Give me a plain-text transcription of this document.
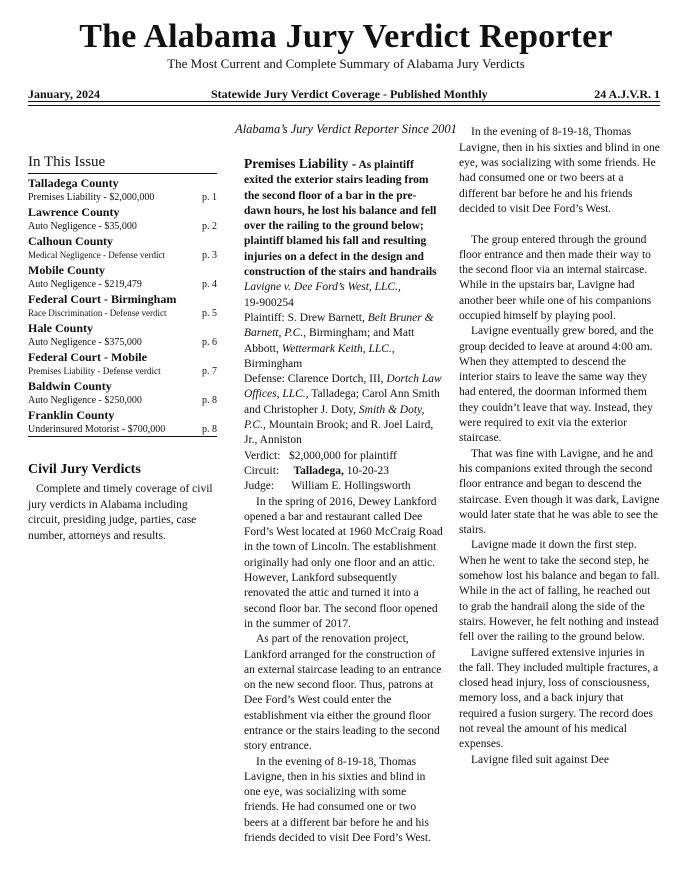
The Alabama Jury Verdict Reporter
The Most Current and Complete Summary of Alabama Jury Verdicts
January, 2024	Statewide Jury Verdict Coverage - Published Monthly	24 A.J.V.R. 1
Alabama’s Jury Verdict Reporter Since 2001
In This Issue
Talladega County
Premises Liability - $2,000,000	p. 1
Lawrence County
Auto Negligence - $35,000	p. 2
Calhoun County
Medical Negligence - Defense verdict	p. 3
Mobile County
Auto Negligence - $219,479	p. 4
Federal Court - Birmingham
Race Discrimination - Defense verdict	p. 5
Hale County
Auto Negligence - $375,000	p. 6
Federal Court - Mobile
Premises Liability - Defense verdict	p. 7
Baldwin County
Auto Negligence - $250,000	p. 8
Franklin County
Underinsured Motorist - $700,000	p. 8
Civil Jury Verdicts
Complete and timely coverage of civil jury verdicts in Alabama including circuit, presiding judge, parties, case number, attorneys and results.
Premises Liability - As plaintiff exited the exterior stairs leading from the second floor of a bar in the pre-dawn hours, he lost his balance and fell over the railing to the ground below; plaintiff blamed his fall and resulting injuries on a defect in the design and construction of the stairs and handrails
Lavigne v. Dee Ford’s West, LLC.,
19-900254
Plaintiff: S. Drew Barnett, Belt Bruner & Barnett, P.C., Birmingham; and Matt Abbott, Wettermark Keith, LLC., Birmingham
Defense: Clarence Dortch, III, Dortch Law Offices, LLC., Talladega; Carol Ann Smith and Christopher J. Doty, Smith & Doty, P.C., Mountain Brook; and R. Joel Laird, Jr., Anniston
Verdict: $2,000,000 for plaintiff
Circuit: Talladega, 10-20-23
Judge: William E. Hollingsworth

In the spring of 2016, Dewey Lankford opened a bar and restaurant called Dee Ford’s West located at 1960 McCraig Road in the town of Lincoln. The establishment originally had only one floor and an attic. However, Lankford subsequently renovated the attic and turned it into a second floor bar. The second floor opened in the summer of 2017.

As part of the renovation project, Lankford arranged for the construction of an external staircase leading to an entrance on the new second floor. Thus, patrons at Dee Ford’s West could enter the establishment via either the ground floor entrance or the stairs leading to the second story entrance.

In the evening of 8-19-18, Thomas Lavigne, then in his sixties and blind in one eye, was socializing with some friends. He had consumed one or two beers at a different bar before he and his friends decided to visit Dee Ford’s West.

In the evening of 8-19-18, Thomas Lavigne, then in his sixties and blind in one eye, was socializing with some friends. He had consumed one or two beers at a different bar before he and his friends decided to visit Dee Ford’s West.

The group entered through the ground floor entrance and then made their way to the second floor via an internal staircase. While in the upstairs bar, Lavigne had another beer while one of his companions occupied himself by playing pool.

Lavigne eventually grew bored, and the group decided to leave at around 4:00 am. When they attempted to descend the interior stairs to leave the same way they had entered, the doorman informed them they couldn’t leave that way. Instead, they were required to exit via the exterior staircase.

That was fine with Lavigne, and he and his companions exited through the second floor entrance and began to descend the staircase. Even though it was dark, Lavigne would later state that he was able to see the stairs.

Lavigne made it down the first step. When he went to take the second step, he somehow lost his balance and began to fall. While in the act of falling, he reached out to grab the handrail along the side of the stairs. However, he felt nothing and instead fell over the railing to the ground below.

Lavigne suffered extensive injuries in the fall. They included multiple fractures, a closed head injury, loss of consciousness, memory loss, and a back injury that required a fusion surgery. The record does not reveal the amount of his medical expenses.

Lavigne filed suit against Dee
